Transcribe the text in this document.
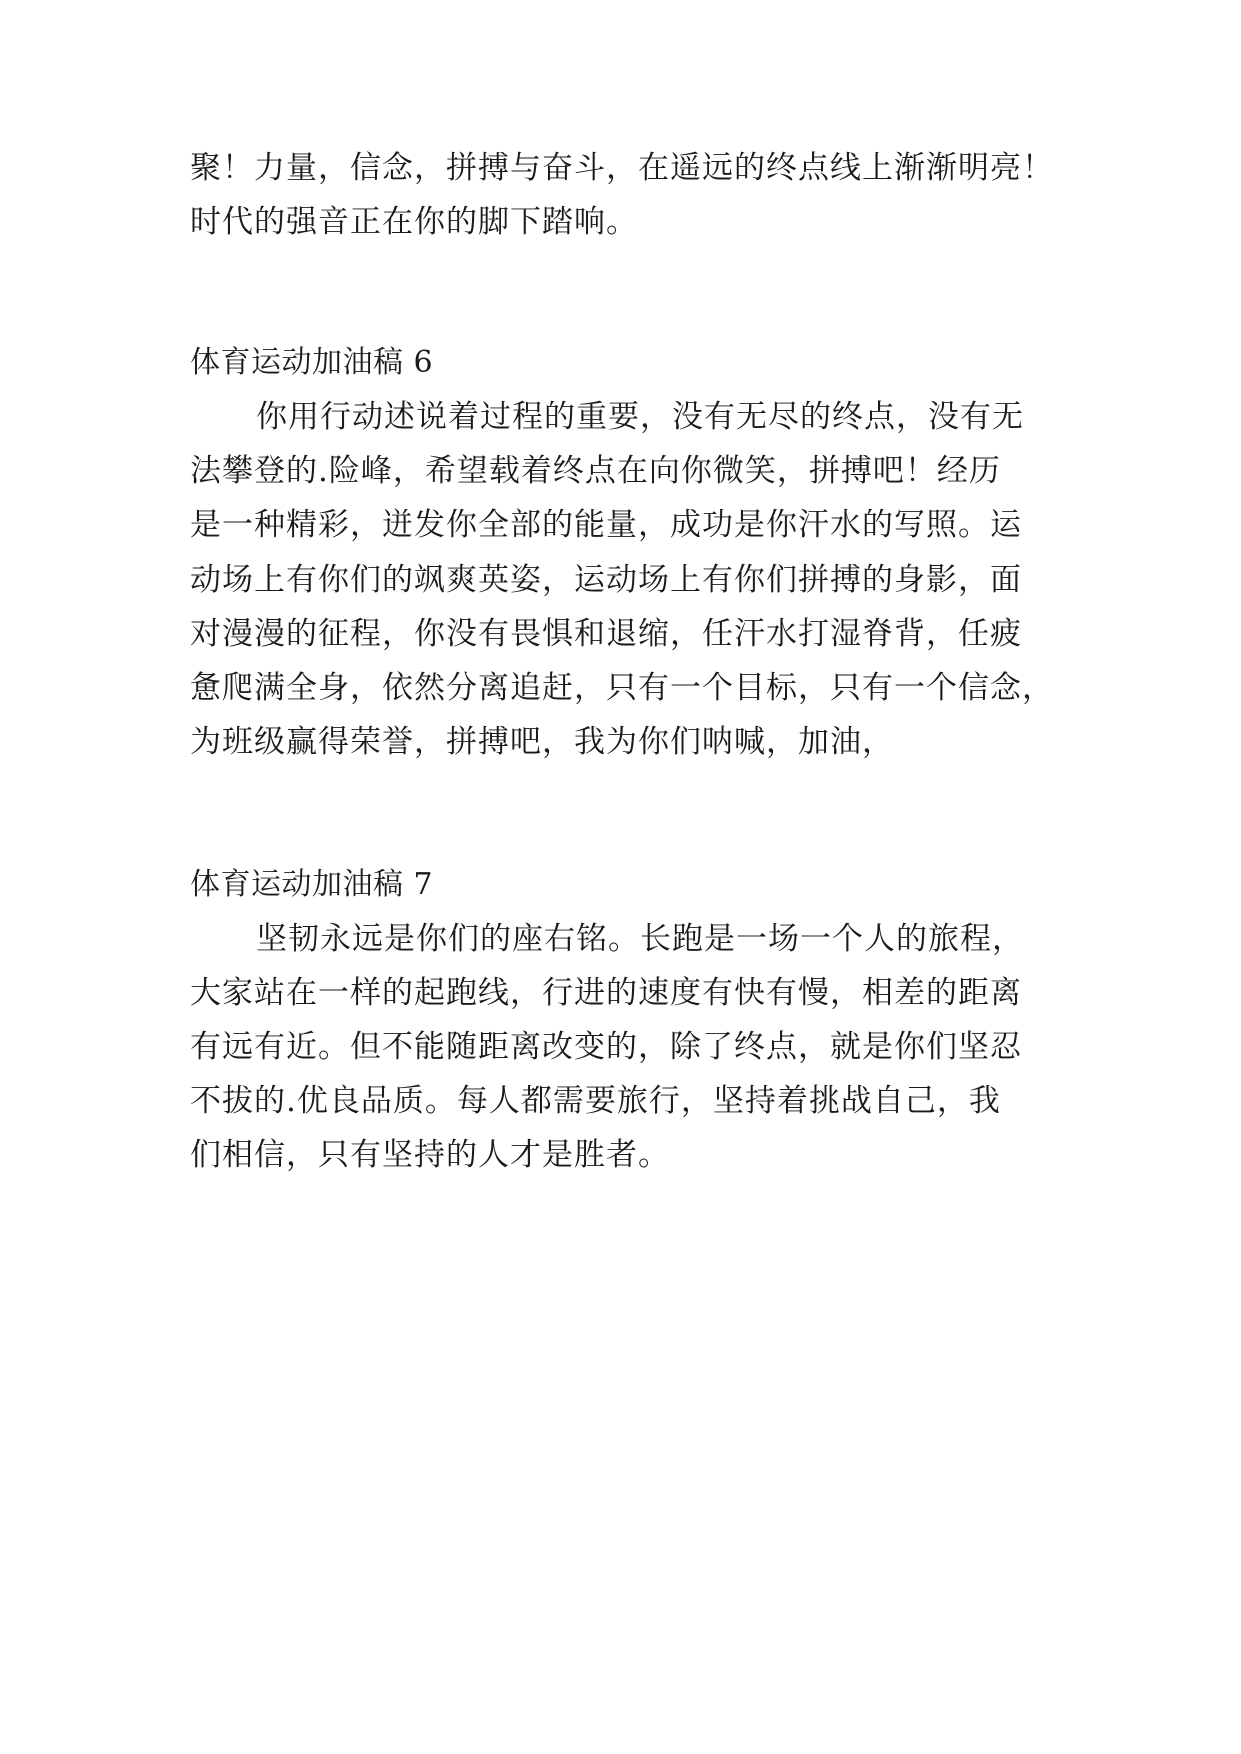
聚！力量，信念，拼搏与奋斗，在遥远的终点线上渐渐明亮！

时代的强音正在你的脚下踏响。

体育运动加油稿 6

你用行动述说着过程的重要，没有无尽的终点，没有无

法攀登的.险峰，希望载着终点在向你微笑，拼搏吧！经历

是一种精彩，迸发你全部的能量，成功是你汗水的写照。运

动场上有你们的飒爽英姿，运动场上有你们拼搏的身影，面

对漫漫的征程，你没有畏惧和退缩，任汗水打湿脊背，任疲

惫爬满全身，依然分离追赶，只有一个目标，只有一个信念，

为班级赢得荣誉，拼搏吧，我为你们呐喊，加油，

体育运动加油稿 7

坚韧永远是你们的座右铭。长跑是一场一个人的旅程，

大家站在一样的起跑线，行进的速度有快有慢，相差的距离

有远有近。但不能随距离改变的，除了终点，就是你们坚忍

不拔的.优良品质。每人都需要旅行，坚持着挑战自己，我

们相信，只有坚持的人才是胜者。
